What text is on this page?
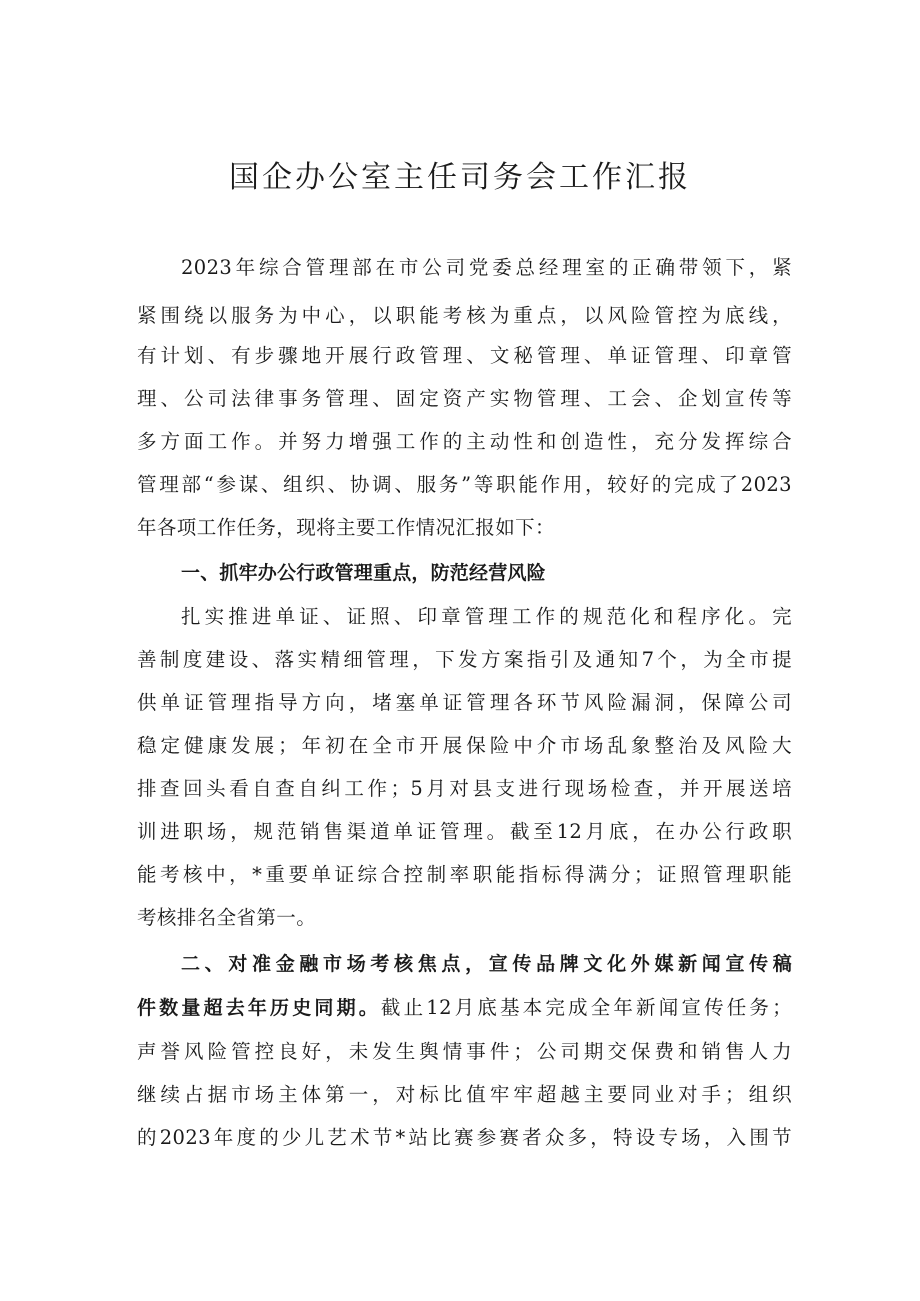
国企办公室主任司务会工作汇报
2023年综合管理部在市公司党委总经理室的正确带领下，紧
紧围绕以服务为中心，以职能考核为重点，以风险管控为底线，
有计划、有步骤地开展行政管理、文秘管理、单证管理、印章管
理、公司法律事务管理、固定资产实物管理、工会、企划宣传等
多方面工作。并努力增强工作的主动性和创造性，充分发挥综合
管理部“参谋、组织、协调、服务”等职能作用，较好的完成了2023
年各项工作任务，现将主要工作情况汇报如下：
一、抓牢办公行政管理重点，防范经营风险
扎实推进单证、证照、印章管理工作的规范化和程序化。完
善制度建设、落实精细管理，下发方案指引及通知7个，为全市提
供单证管理指导方向，堵塞单证管理各环节风险漏洞，保障公司
稳定健康发展；年初在全市开展保险中介市场乱象整治及风险大
排查回头看自查自纠工作；5月对县支进行现场检查，并开展送培
训进职场，规范销售渠道单证管理。截至12月底，在办公行政职
能考核中，*重要单证综合控制率职能指标得满分；证照管理职能
考核排名全省第一。
二、对准金融市场考核焦点，宣传品牌文化外媒新闻宣传稿
件数量超去年历史同期。截止12月底基本完成全年新闻宣传任务；
声誉风险管控良好，未发生舆情事件；公司期交保费和销售人力
继续占据市场主体第一，对标比值牢牢超越主要同业对手；组织
的2023年度的少儿艺术节*站比赛参赛者众多，特设专场，入围节
